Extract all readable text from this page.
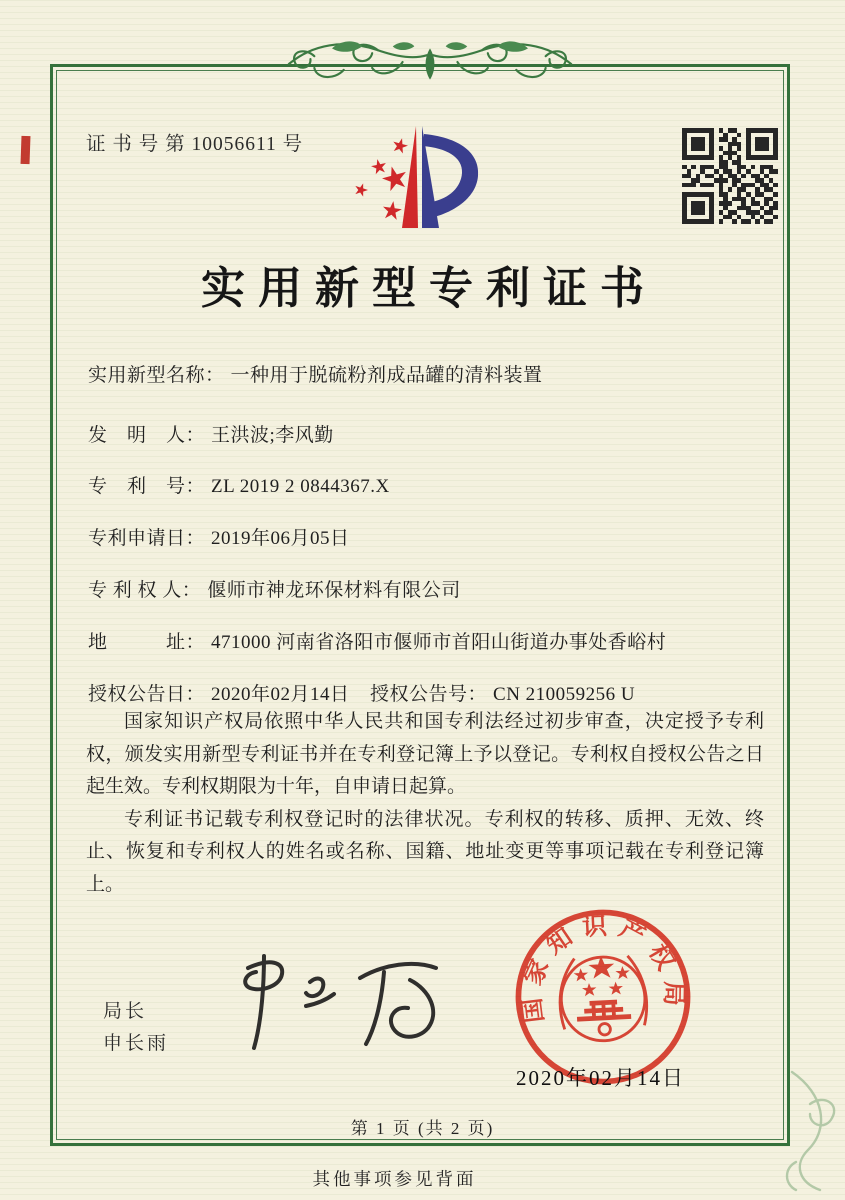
证 书 号 第 10056611 号
实用新型专利证书
实用新型名称： 一种用于脱硫粉剂成品罐的清料装置
发　明　人： 王洪波;李风勤
专　利　号： ZL 2019 2 0844367.X
专利申请日： 2019年06月05日
专 利 权 人： 偃师市神龙环保材料有限公司
地　　　址： 471000 河南省洛阳市偃师市首阳山街道办事处香峪村
授权公告日： 2020年02月14日 授权公告号： CN 210059256 U

国家知识产权局依照中华人民共和国专利法经过初步审查，决定授予专利权，颁发实用新型专利证书并在专利登记簿上予以登记。专利权自授权公告之日起生效。专利权期限为十年，自申请日起算。

专利证书记载专利权登记时的法律状况。专利权的转移、质押、无效、终止、恢复和专利权人的姓名或名称、国籍、地址变更等事项记载在专利登记簿上。

局长
申长雨
国家知识产权局
2020年02月14日
第 1 页 (共 2 页)
其他事项参见背面
